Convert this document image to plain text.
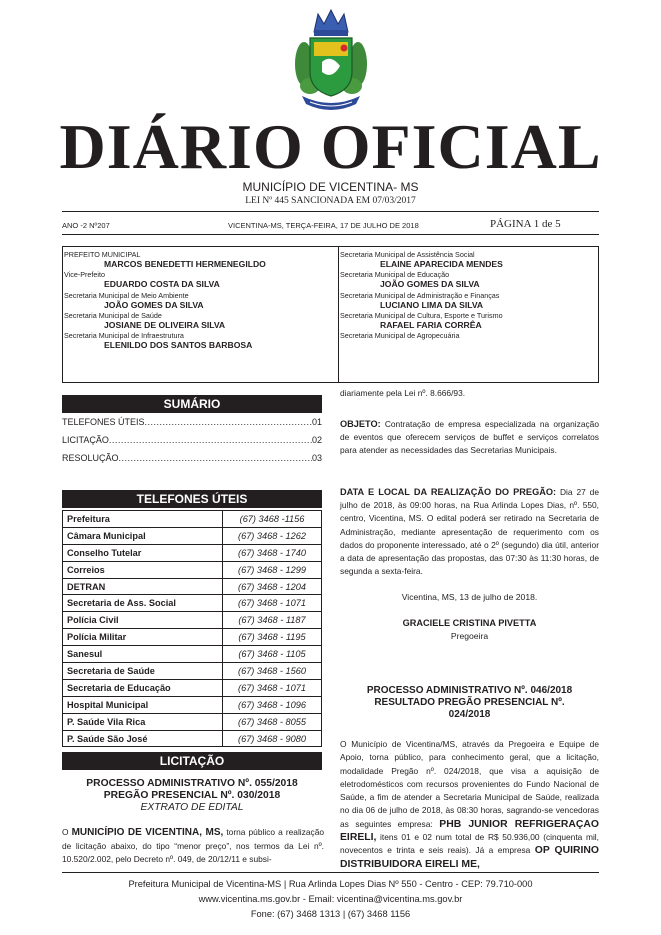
DIÁRIO OFICIAL
MUNICÍPIO DE VICENTINA- MS
LEI Nº 445 SANCIONADA EM 07/03/2017
ANO -2 Nº207	VICENTINA-MS, TERÇA-FEIRA, 17 DE JULHO DE 2018	PÁGINA 1 de 5
PREFEITO MUNICIPAL
MARCOS BENEDETTI HERMENEGILDO
Vice-Prefeito
EDUARDO COSTA DA SILVA
Secretaria Municipal de Meio Ambiente
JOÃO GOMES DA SILVA
Secretaria Municipal de Saúde
JOSIANE DE OLIVEIRA SILVA
Secretaria Municipal de Infraestrutura
ELENILDO DOS SANTOS BARBOSA
Secretaria Municipal de Assistência Social
ELAINE APARECIDA MENDES
Secretaria Municipal de Educação
JOÃO GOMES DA SILVA
Secretaria Municipal de Administração e Finanças
LUCIANO LIMA DA SILVA
Secretaria Municipal de Cultura, Esporte e Turismo
RAFAEL FARIA CORRÊA
Secretaria Municipal de Agropecuária
SUMÁRIO
TELEFONES ÚTEIS .....	01
LICITAÇÃO .....	02
RESOLUÇÃO .....	03
TELEFONES ÚTEIS
Prefeitura	(67) 3468 -1156
Câmara Municipal	(67) 3468 - 1262
Conselho Tutelar	(67) 3468 - 1740
Correios	(67) 3468 - 1299
DETRAN	(67) 3468 - 1204
Secretaria de Ass. Social	(67) 3468 - 1071
Polícia Civil	(67) 3468 - 1187
Polícia Militar	(67) 3468 - 1195
Sanesul	(67) 3468 - 1105
Secretaria de Saúde	(67) 3468 - 1560
Secretaria de Educação	(67) 3468 - 1071
Hospital Municipal	(67) 3468 - 1096
P. Saúde Vila Rica	(67) 3468 - 8055
P. Saúde São José	(67) 3468 - 9080
LICITAÇÃO
PROCESSO ADMINISTRATIVO Nº. 055/2018
PREGÃO PRESENCIAL Nº. 030/2018
EXTRATO DE EDITAL
O MUNICÍPIO DE VICENTINA, MS, torna público a realização de licitação abaixo, do tipo “menor preço”, nos termos da Lei nº. 10.520/2.002, pelo Decreto nº. 049, de 20/12/11 e subsi-
diariamente pela Lei nº. 8.666/93.
OBJETO: Contratação de empresa especializada na organização de eventos que oferecem serviços de buffet e serviços correlatos para atender as necessidades das Secretarias Municipais.
DATA E LOCAL DA REALIZAÇÃO DO PREGÃO: Dia 27 de julho de 2018, às 09:00 horas, na Rua Arlinda Lopes Dias, nº. 550, centro, Vicentina, MS. O edital poderá ser retirado na Secretaria de Administração, mediante apresentação de requerimento com os dados do proponente interessado, até o 2º (segundo) dia útil, anterior a data de apresentação das propostas, das 07:30 às 11:30 horas, de segunda a sexta-feira.
Vicentina, MS, 13 de julho de 2018.
GRACIELE CRISTINA PIVETTA
Pregoeira
PROCESSO ADMINISTRATIVO Nº. 046/2018
RESULTADO PREGÃO PRESENCIAL Nº.
024/2018
O Município de Vicentina/MS, através da Pregoeira e Equipe de Apoio, torna público, para conhecimento geral, que a licitação, modalidade Pregão nº. 024/2018, que visa a aquisição de eletrodomésticos com recursos provenientes do Fundo Nacional de Saúde, a fim de atender a Secretaria Municipal de Saúde, realizada no dia 06 de julho de 2018, às 08:30 horas, sagrando-se vencedoras as seguintes empresa: PHB JUNIOR REFRIGERAÇAO EIRELI, itens 01 e 02 num total de R$ 50.936,00 (cinquenta mil, novecentos e trinta e seis reais). Já a empresa OP QUIRINO DISTRIBUIDORA EIRELI ME,
Prefeitura Municipal de Vicentina-MS | Rua Arlinda Lopes Dias Nº 550 - Centro - CEP: 79.710-000
www.vicentina.ms.gov.br - Email: vicentina@vicentina.ms.gov.br
Fone: (67) 3468 1313 | (67) 3468 1156
